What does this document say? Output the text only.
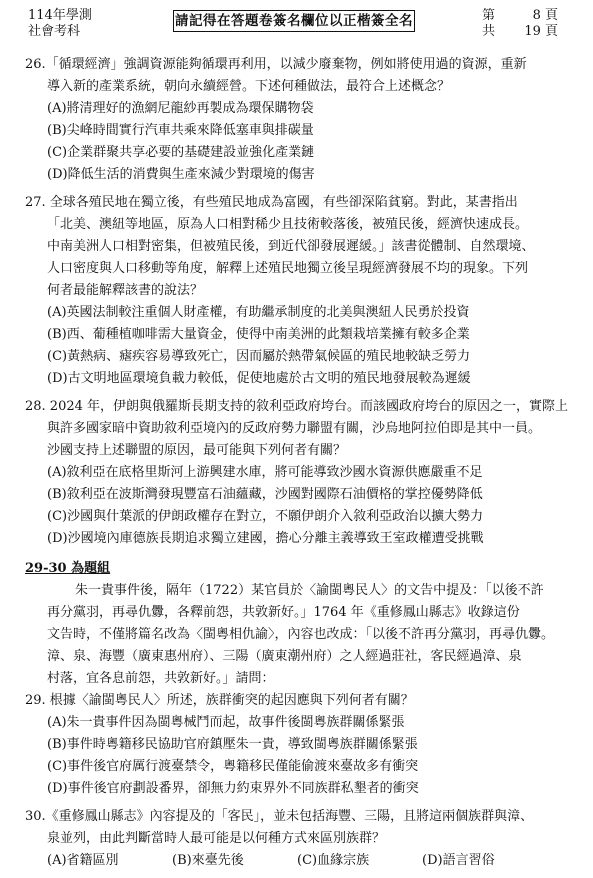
114年學測
社會考科
請記得在答題卷簽名欄位以正楷簽全名	第	8 頁
共 19 頁
26.「循環經濟」強調資源能夠循環再利用，以減少廢棄物，例如將使用過的資源，重新
導入新的產業系統，朝向永續經營。下述何種做法，最符合上述概念？
(A)將清理好的漁網尼龍紗再製成為環保購物袋
(B)尖峰時間實行汽車共乘來降低塞車與排碳量
(C)企業群聚共享必要的基礎建設並強化產業鏈
(D)降低生活的消費與生產來減少對環境的傷害
27. 全球各殖民地在獨立後，有些殖民地成為富國，有些卻深陷貧窮。對此，某書指出
「北美、澳紐等地區，原為人口相對稀少且技術較落後，被殖民後，經濟快速成長。
中南美洲人口相對密集，但被殖民後，到近代卻發展遲緩。」該書從體制、自然環境、
人口密度與人口移動等角度，解釋上述殖民地獨立後呈現經濟發展不均的現象。下列
何者最能解釋該書的說法？
(A)英國法制較注重個人財產權，有助繼承制度的北美與澳紐人民勇於投資
(B)西、葡種植咖啡需大量資金，使得中南美洲的此類栽培業擁有較多企業
(C)黃熱病、瘧疾容易導致死亡，因而屬於熱帶氣候區的殖民地較缺乏勞力
(D)古文明地區環境負載力較低，促使地處於古文明的殖民地發展較為遲緩
28. 2024 年，伊朗與俄羅斯長期支持的敘利亞政府垮台。而該國政府垮台的原因之一，實際上
與許多國家暗中資助敘利亞境內的反政府勢力聯盟有關，沙烏地阿拉伯即是其中一員。
沙國支持上述聯盟的原因，最可能與下列何者有關？
(A)敘利亞在底格里斯河上游興建水庫，將可能導致沙國水資源供應嚴重不足
(B)敘利亞在波斯灣發現豐富石油蘊藏，沙國對國際石油價格的掌控優勢降低
(C)沙國與什葉派的伊朗政權存在對立，不願伊朗介入敘利亞政治以擴大勢力
(D)沙國境內庫德族長期追求獨立建國，擔心分離主義導致王室政權遭受挑戰
29-30 為題組
朱一貴事件後，隔年（1722）某官員於〈諭閩粵民人〉的文告中提及：「以後不許
再分黨羽，再尋仇釁，各釋前怨，共敦新好。」1764 年《重修鳳山縣志》收錄這份
文告時，不僅將篇名改為〈閩粵相仇諭〉，內容也改成：「以後不許再分黨羽，再尋仇釁。
漳、泉、海豐（廣東惠州府）、三陽（廣東潮州府）之人經過莊社，客民經過漳、泉
村落，宜各息前怨，共敦新好。」請問：
29. 根據〈諭閩粵民人〉所述，族群衝突的起因應與下列何者有關？
(A)朱一貴事件因為閩粵械鬥而起，故事件後閩粵族群關係緊張
(B)事件時粵籍移民協助官府鎮壓朱一貴，導致閩粵族群關係緊張
(C)事件後官府厲行渡臺禁令，粵籍移民僅能偷渡來臺故多有衝突
(D)事件後官府劃設番界，卻無力約束界外不同族群私墾者的衝突
30.《重修鳳山縣志》內容提及的「客民」，並未包括海豐、三陽，且將這兩個族群與漳、
泉並列，由此判斷當時人最可能是以何種方式來區別族群？
(A)省籍區別	(B)來臺先後	(C)血緣宗族	(D)語言習俗
